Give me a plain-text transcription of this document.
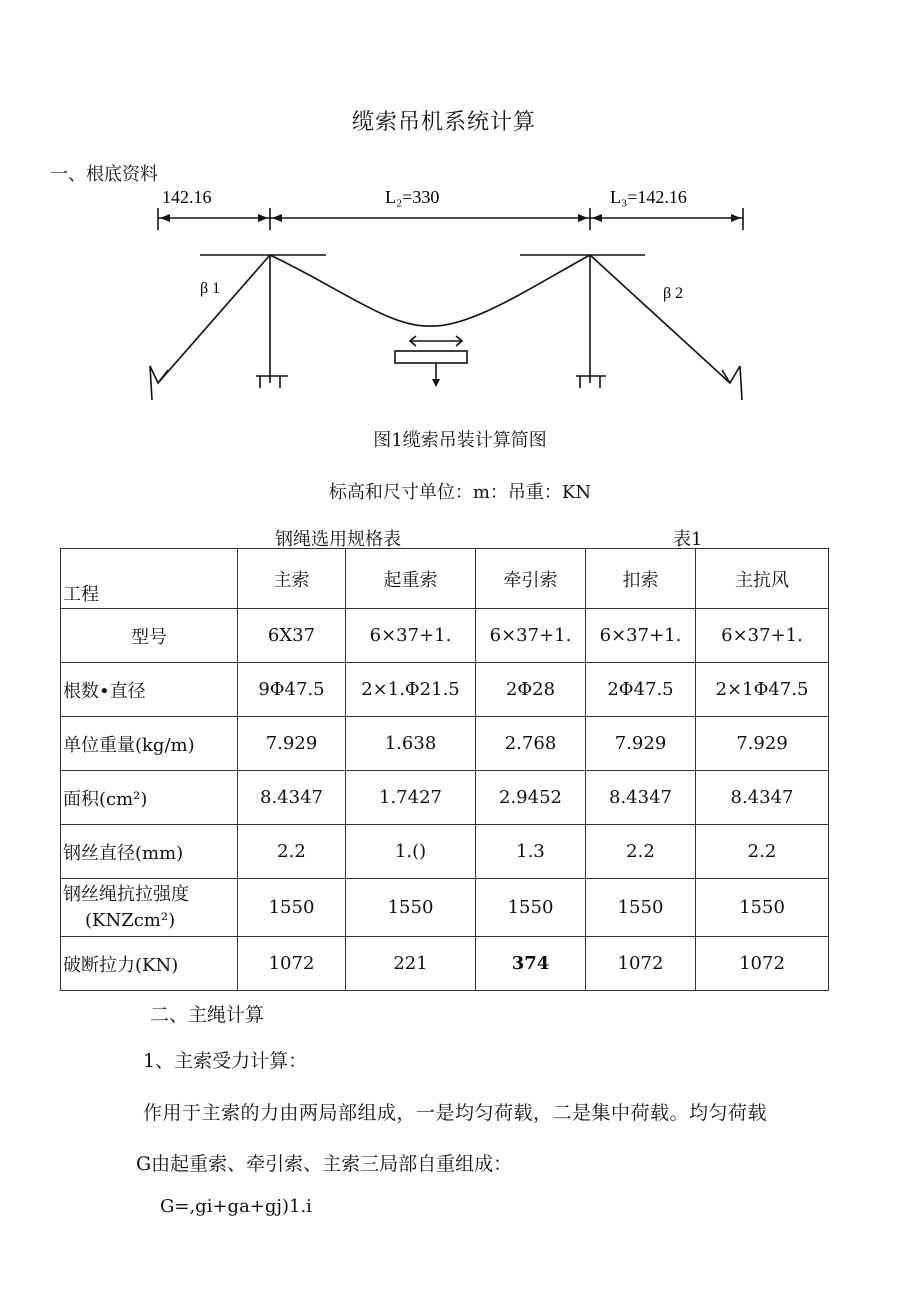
缆索吊机系统计算
一、根底资料
142.16	L₂=330	L₃=142.16
β 1	β 2
图1缆索吊装计算简图
标高和尺寸单位：m：吊重：KN
钢绳选用规格表	表1
工程	主索	起重索	牵引索	扣索	主抗风
型号	6X37	6×37+1.	6×37+1.	6×37+1.	6×37+1.
根数•直径	9Φ47.5	2×1.Φ21.5	2Φ28	2Φ47.5	2×1Φ47.5
单位重量(kg/m)	7.929	1.638	2.768	7.929	7.929
面积(cm²)	8.4347	1.7427	2.9452	8.4347	8.4347
钢丝直径(mm)	2.2	1.()	1.3	2.2	2.2

钢丝绳抗拉强度
(KNZcm²)	1550	1550	1550	1550	1550
破断拉力(KN)	1072	221	374	1072	1072
二、主绳计算
1、主索受力计算：
作用于主索的力由两局部组成，一是均匀荷载，二是集中荷载。均匀荷载
G由起重索、牵引索、主索三局部自重组成：
G=,gi+ga+gj)1.i
